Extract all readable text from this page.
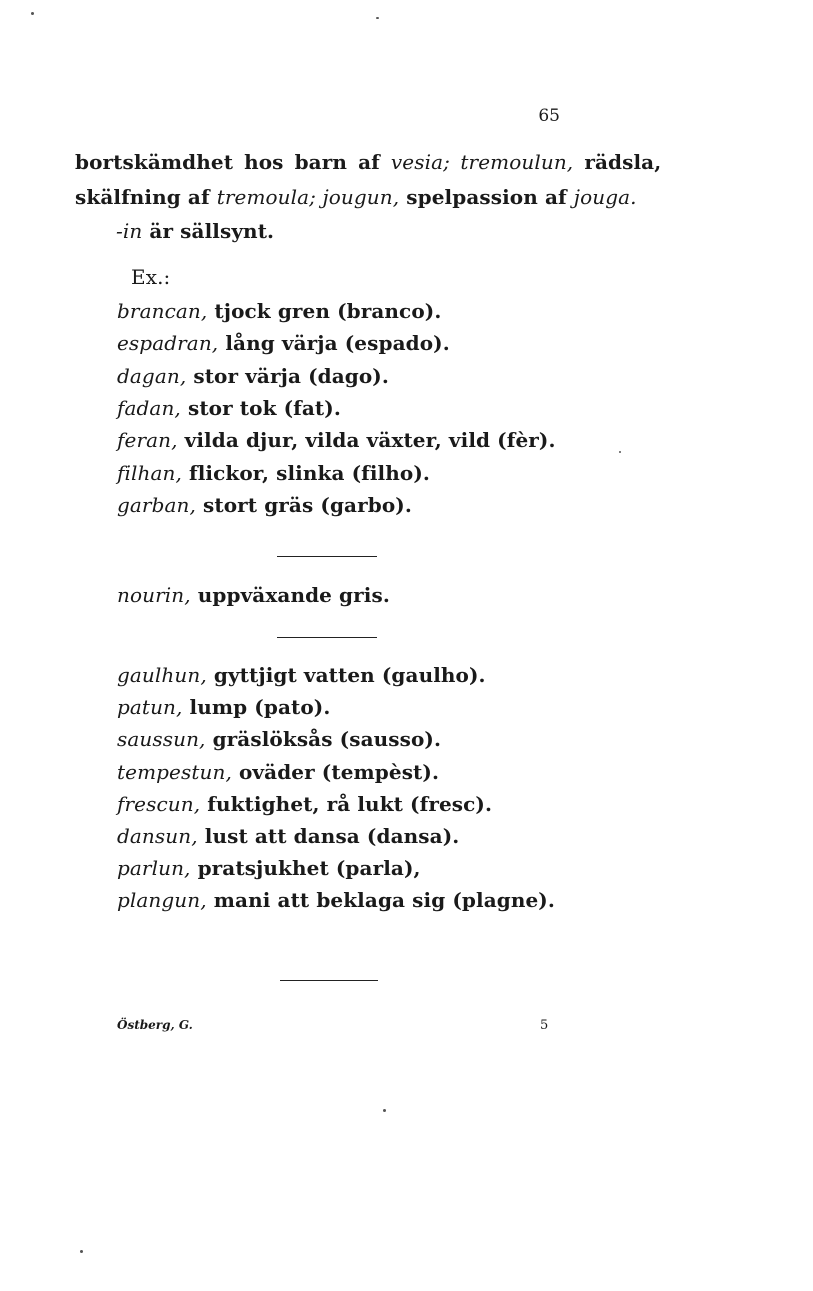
65
bortskämdhet hos barn af vesia; tremoulun, rädsla,
skälfning af tremoula; jougun, spelpassion af jouga.
-in är sällsynt.
Ex.:
brancan, tjock gren (branco).
espadran, lång värja (espado).
dagan, stor värja (dago).
fadan, stor tok (fat).
feran, vilda djur, vilda växter, vild (fèr).
filhan, flickor, slinka (filho).
garban, stort gräs (garbo).
nourin, uppväxande gris.
gaulhun, gyttjigt vatten (gaulho).
patun, lump (pato).
saussun, gräslöksås (sausso).
tempestun, oväder (tempèst).
frescun, fuktighet, rå lukt (fresc).
dansun, lust att dansa (dansa).
parlun, pratsjukhet (parla),
plangun, mani att beklaga sig (plagne).
Östberg, G.	5
